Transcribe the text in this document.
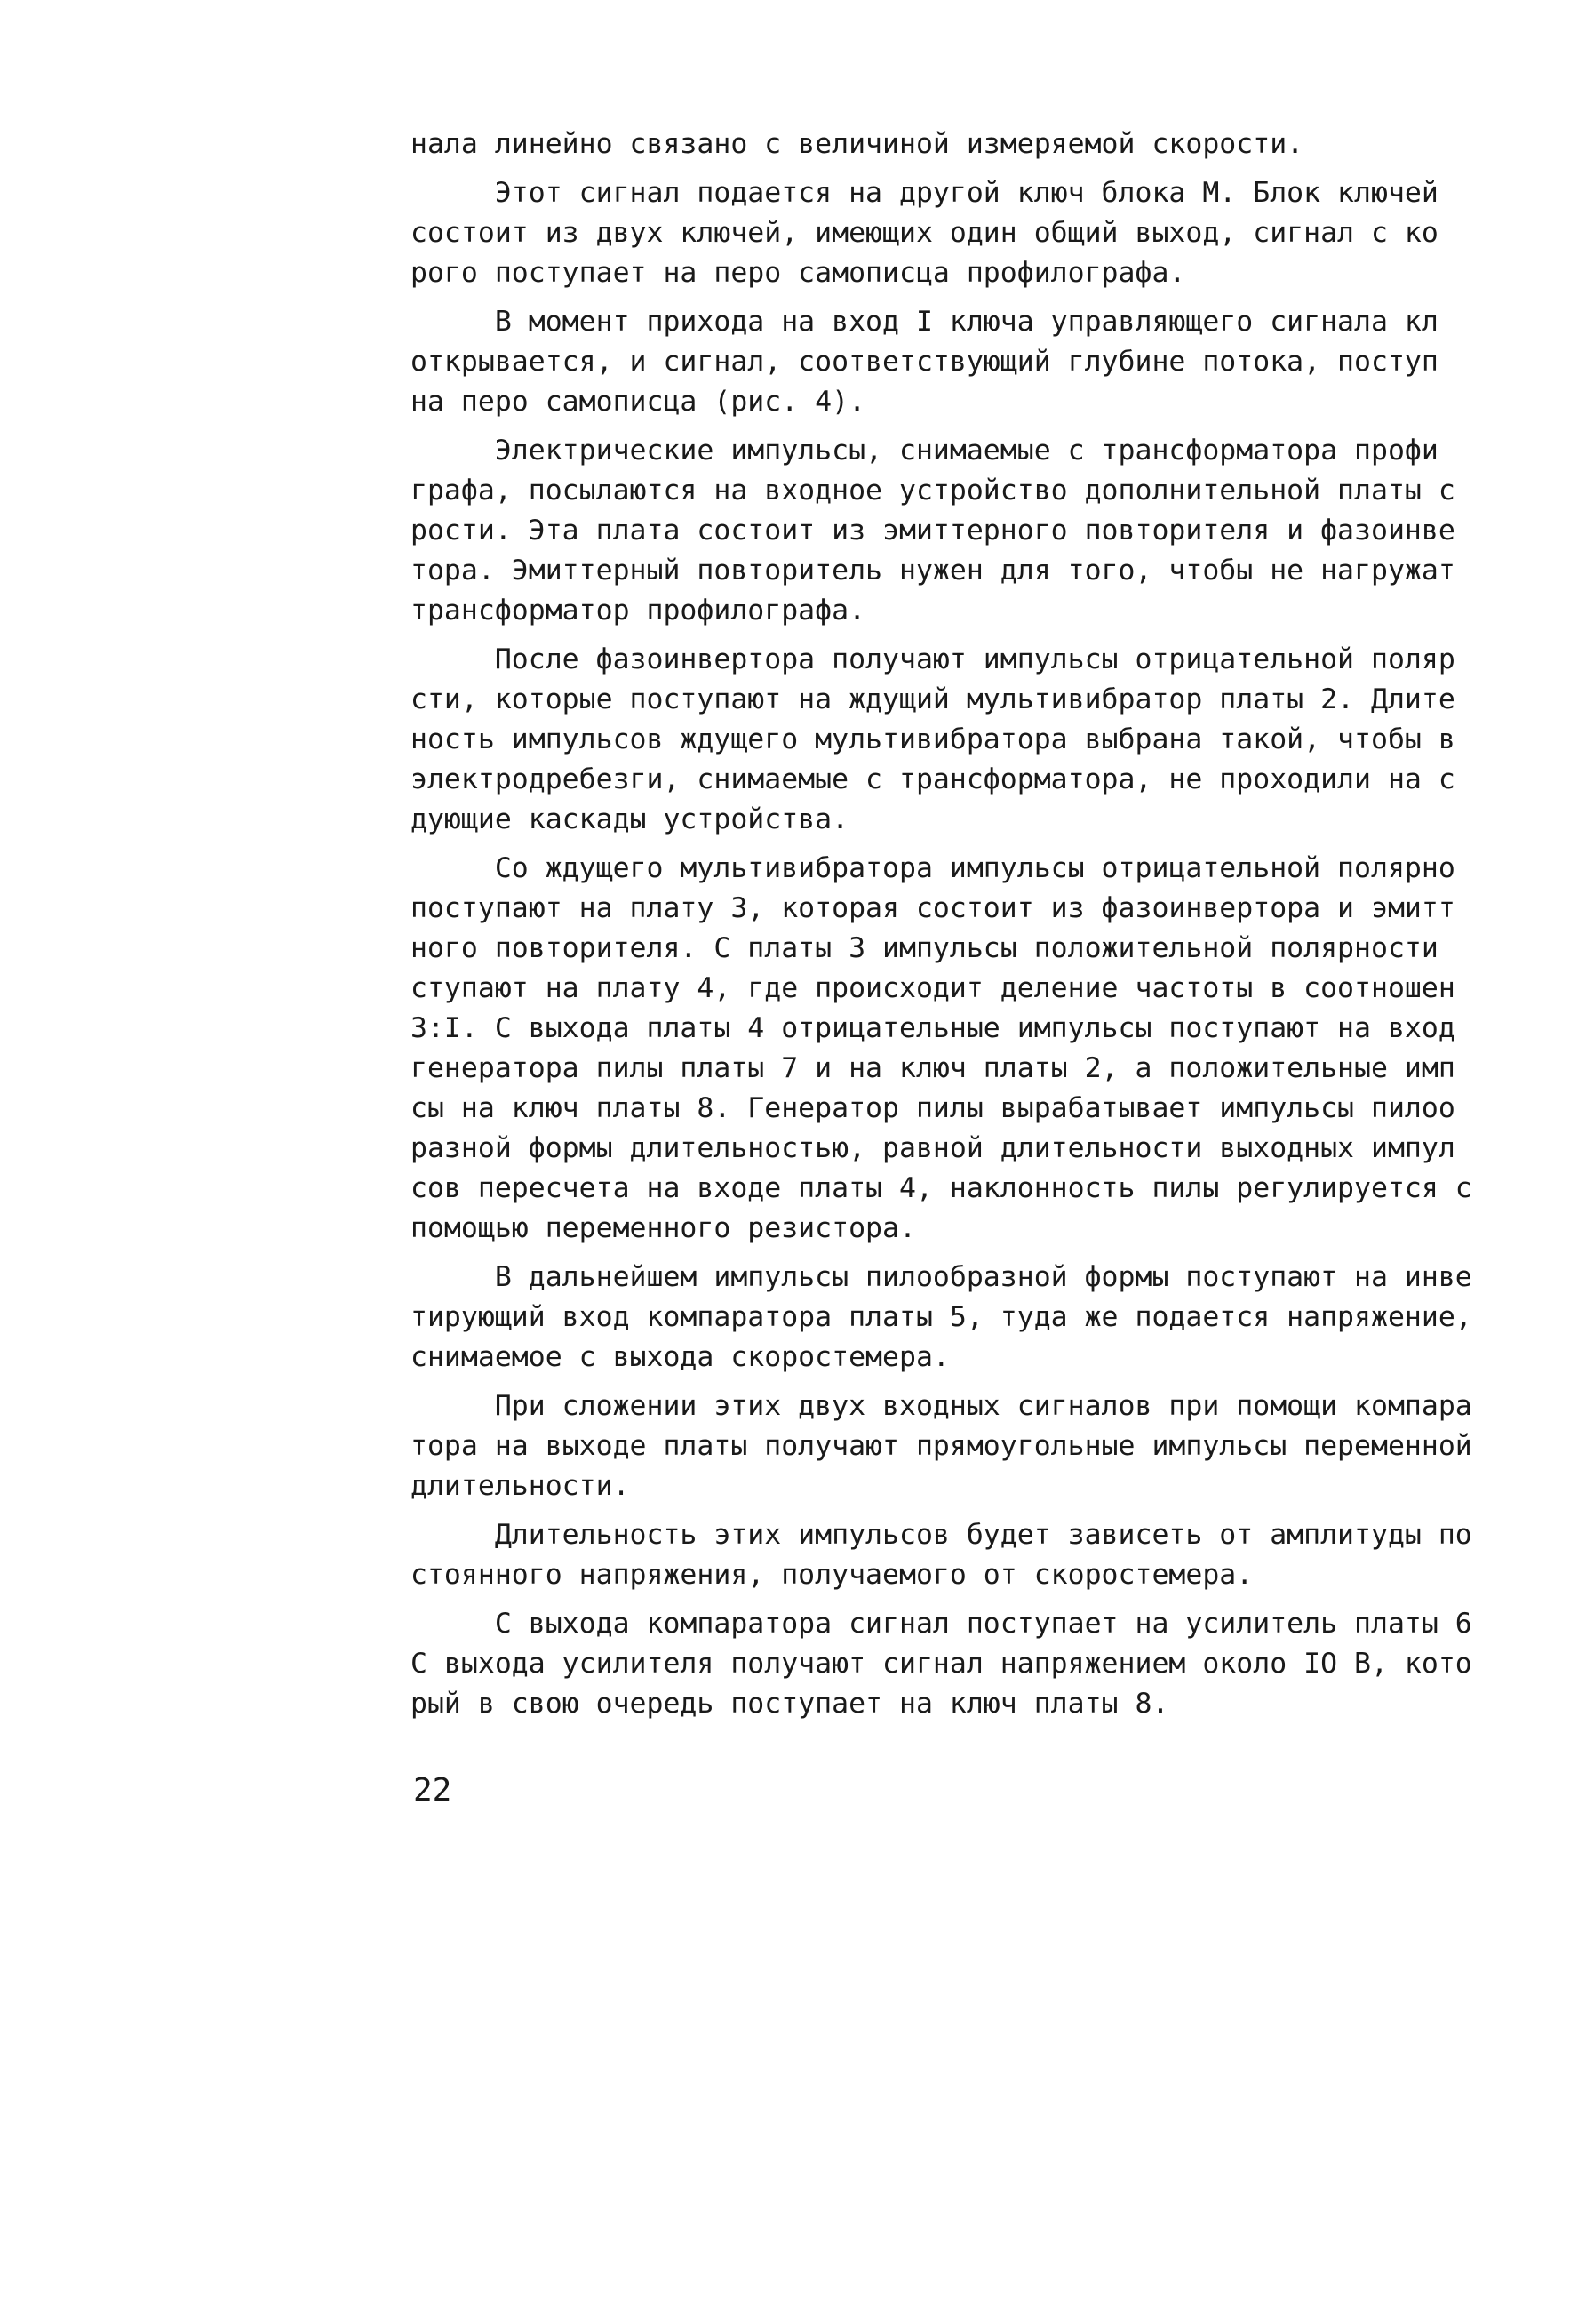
нала линейно связано с величиной измеряемой скорости.
Этот сигнал подается на другой ключ блока М. Блок ключей
состоит из двух ключей, имеющих один общий выход, сигнал с ко
рого поступает на перо самописца профилографа.
В момент прихода на вход I ключа управляющего сигнала кл
открывается, и сигнал, соответствующий глубине потока, поступ
на перо самописца (рис. 4).
Электрические импульсы, снимаемые с трансформатора профи
графа, посылаются на входное устройство дополнительной платы с
рости. Эта плата состоит из эмиттерного повторителя и фазоинве
тора. Эмиттерный повторитель нужен для того, чтобы не нагружат
трансформатор профилографа.
После фазоинвертора получают импульсы отрицательной поляр
сти, которые поступают на ждущий мультивибратор платы 2. Длите
ность импульсов ждущего мультивибратора выбрана такой, чтобы в
электродребезги, снимаемые с трансформатора, не проходили на с
дующие каскады устройства.
Со ждущего мультивибратора импульсы отрицательной полярно
поступают на плату 3, которая состоит из фазоинвертора и эмитт
ного повторителя. С платы 3 импульсы положительной полярности
ступают на плату 4, где происходит деление частоты в соотношен
3:I. С выхода платы 4 отрицательные импульсы поступают на вход
генератора пилы платы 7 и на ключ платы 2, а положительные имп
сы на ключ платы 8. Генератор пилы вырабатывает импульсы пилоо
разной формы длительностью, равной длительности выходных импул
сов пересчета на входе платы 4, наклонность пилы регулируется с
помощью переменного резистора.
В дальнейшем импульсы пилообразной формы поступают на инве
тирующий вход компаратора платы 5, туда же подается напряжение,
снимаемое с выхода скоростемера.
При сложении этих двух входных сигналов при помощи компара
тора на выходе платы получают прямоугольные импульсы переменной
длительности.
Длительность этих импульсов будет зависеть от амплитуды по
стоянного напряжения, получаемого от скоростемера.
С выхода компаратора сигнал поступает на усилитель платы 6
С выхода усилителя получают сигнал напряжением около IO В, кото
рый в свою очередь поступает на ключ платы 8.
22
